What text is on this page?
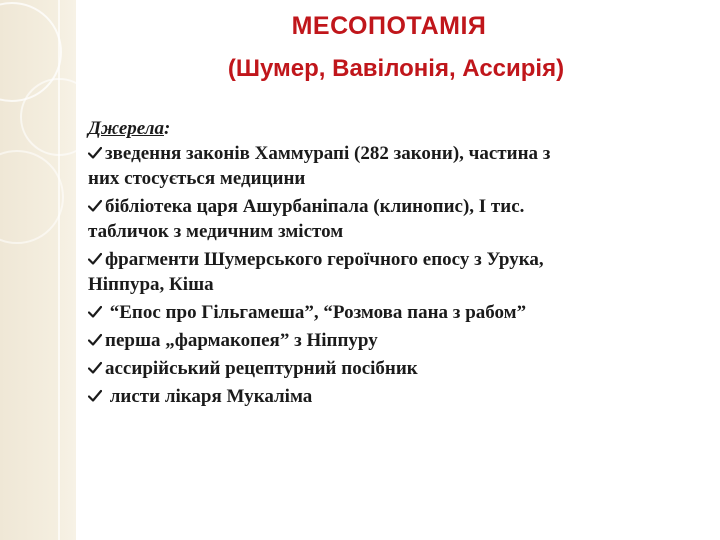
МЕСОПОТАМІЯ
(Шумер, Вавілонія, Ассирія)
Джерела:
зведення законів Хаммурапі (282 закони), частина з
них стосується медицини
бібліотека царя Ашурбаніпала (клинопис), І тис.
табличок з медичним змістом
фрагменти Шумерського героїчного епосу з Урука,
Ніппура, Кіша
“Епос про Гільгамеша”, “Розмова пана з рабом”
перша „фармакопея” з Ніппуру
ассирійський рецептурний посібник
листи лікаря Мукаліма
